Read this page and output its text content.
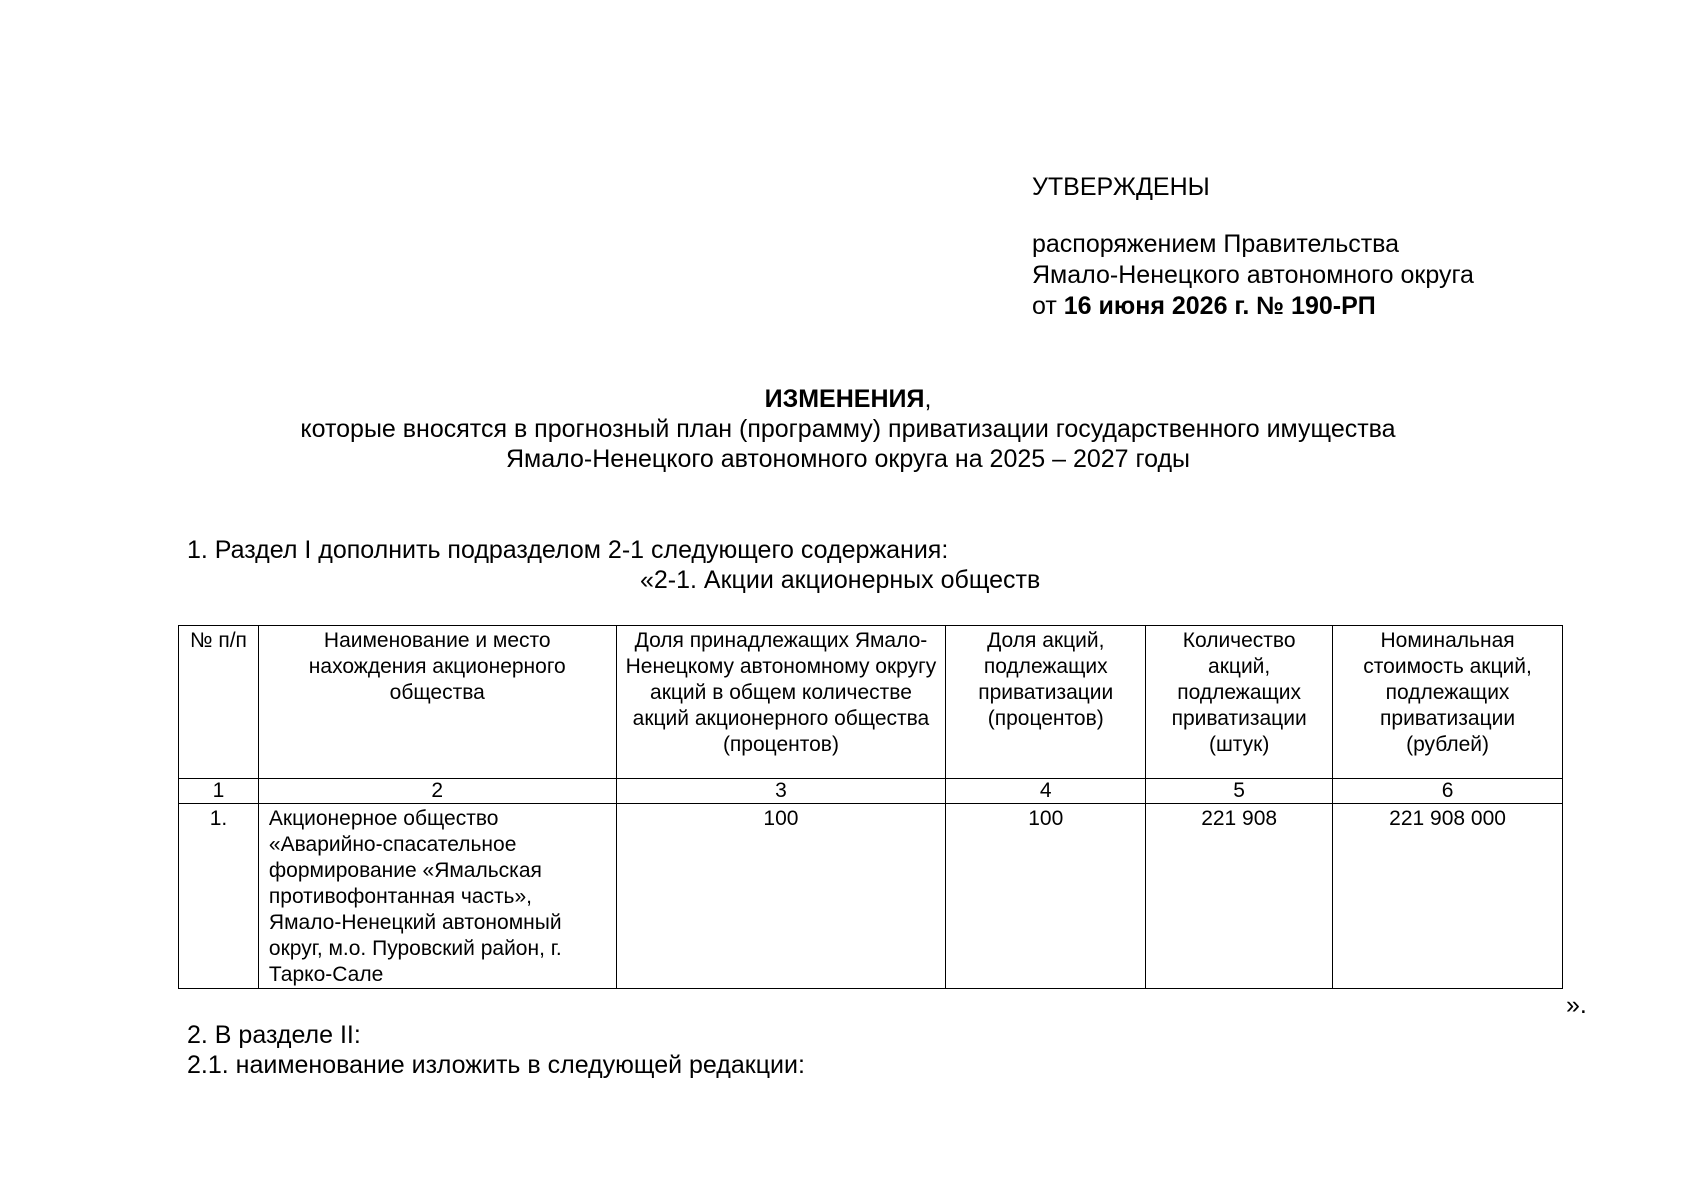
УТВЕРЖДЕНЫ
распоряжением Правительства
Ямало-Ненецкого автономного округа
от 16 июня 2026 г. № 190-РП
ИЗМЕНЕНИЯ,
которые вносятся в прогнозный план (программу) приватизации государственного имущества
Ямало-Ненецкого автономного округа на 2025 – 2027 годы
1. Раздел I дополнить подразделом 2-1 следующего содержания:
«2-1. Акции акционерных обществ
№ п/п	Наименование и место нахождения акционерного общества	Доля принадлежащих Ямало-Ненецкому автономному округу акций в общем количестве акций акционерного общества (процентов)	Доля акций, подлежащих приватизации (процентов)	Количество акций, подлежащих приватизации (штук)	Номинальная стоимость акций, подлежащих приватизации (рублей)
1	2	3	4	5	6
1.	Акционерное общество «Аварийно-спасательное формирование «Ямальская противофонтанная часть», Ямало-Ненецкий автономный округ, м.о. Пуровский район, г. Тарко-Сале	100	100	221 908	221 908 000
».
2. В разделе II:
2.1. наименование изложить в следующей редакции:
